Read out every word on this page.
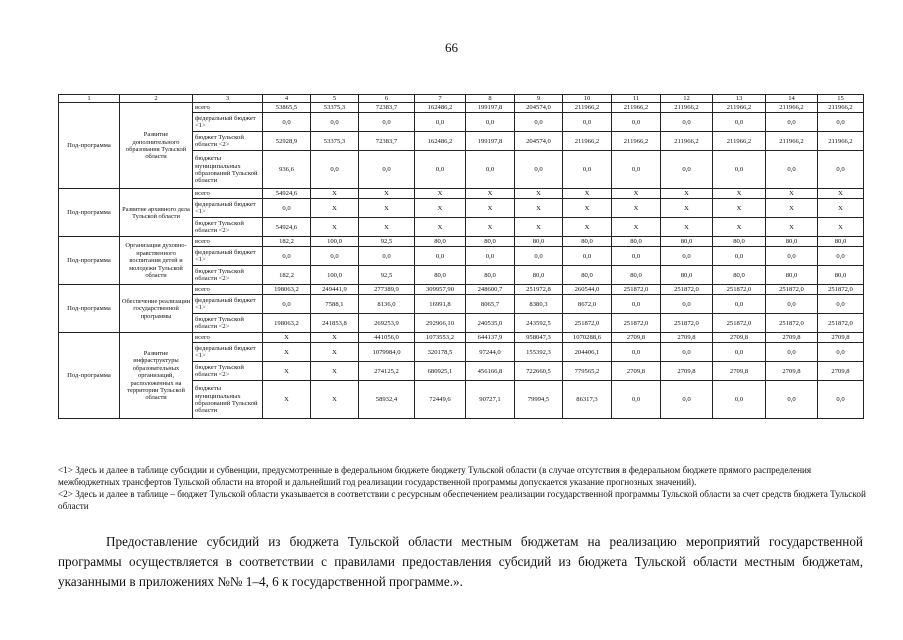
66
1	2	3	4	5	6	7	8	9	10	11	12	13	14	15
Под-программа	Развитие дополнительного образования Тульской области	всего	53865,5	53375,3	72383,7	162486,2	199197,8	204574,0	211966,2	211966,2	211966,2	211966,2	211966,2	211966,2
		федеральный бюджет <1>	0,0	0,0	0,0	0,0	0,0	0,0	0,0	0,0	0,0	0,0	0,0	0,0
		бюджет Тульской области <2>	52928,9	53375,3	72383,7	162486,2	199197,8	204574,0	211966,2	211966,2	211966,2	211966,2	211966,2	211966,2
		бюджеты муниципальных образований Тульской области	936,6	0,0	0,0	0,0	0,0	0,0	0,0	0,0	0,0	0,0	0,0	0,0
Под-программа	Развитие архивного дела Тульской области	всего	54924,6	X	X	X	X	X	X	X	X	X	X	X
		федеральный бюджет <1>	0,0	X	X	X	X	X	X	X	X	X	X	X
		бюджет Тульской области <2>	54924,6	X	X	X	X	X	X	X	X	X	X	X
Под-программа	Организация духовно-нравственного воспитания детей и молодежи Тульской области	всего	182,2	100,0	92,5	80,0	80,0	80,0	80,0	80,0	80,0	80,0	80,0	80,0
		федеральный бюджет <1>	0,0	0,0	0,0	0,0	0,0	0,0	0,0	0,0	0,0	0,0	0,0	0,0
		бюджет Тульской области <2>	182,2	100,0	92,5	80,0	80,0	80,0	80,0	80,0	80,0	80,0	80,0	80,0
Под-программа	Обеспечение реализации государственной программы	всего	198063,2	249441,9	277389,9	309957,90	248600,7	251972,8	260544,0	251872,0	251872,0	251872,0	251872,0	251872,0
		федеральный бюджет <1>	0,0	7588,1	8136,0	16991,8	8065,7	8380,3	8672,0	0,0	0,0	0,0	0,0	0,0
		бюджет Тульской области <2>	198063,2	241853,8	269253,9	292966,10	240535,0	243592,5	251872,0	251872,0	251872,0	251872,0	251872,0	251872,0
Под-программа	Развитие инфраструктуры образовательных организаций, расположенных на территории Тульской области	всего	X	X	441056,0	1073553,2	644137,9	958047,3	1070288,6	2709,8	2709,8	2709,8	2709,8	2709,8
		федеральный бюджет <1>	X	X	1079984,0	320178,5	97244,0	155392,3	204406,1	0,0	0,0	0,0	0,0	0,0
		бюджет Тульской области <2>	X	X	274125,2	680925,1	456166,8	722660,5	779565,2	2709,8	2709,8	2709,8	2709,8	2709,8
		бюджеты муниципальных образований Тульской области	X	X	58932,4	72449,6	90727,1	79994,5	86317,3	0,0	0,0	0,0	0,0	0,0

<1> Здесь и далее в таблице субсидии и субвенции, предусмотренные в федеральном бюджете бюджету Тульской области (в случае отсутствия в федеральном бюджете прямого распределения межбюджетных трансфертов Тульской области на второй и дальнейший год реализации государственной программы допускается указание прогнозных значений).

<2> Здесь и далее в таблице – бюджет Тульской области указывается в соответствии с ресурсным обеспечением реализации государственной программы Тульской области за счет средств бюджета Тульской области

Предоставление субсидий из бюджета Тульской области местным бюджетам на реализацию мероприятий государственной программы осуществляется в соответствии с правилами предоставления субсидий из бюджета Тульской области местным бюджетам, указанными в приложениях №№ 1–4, 6 к государственной программе.».
